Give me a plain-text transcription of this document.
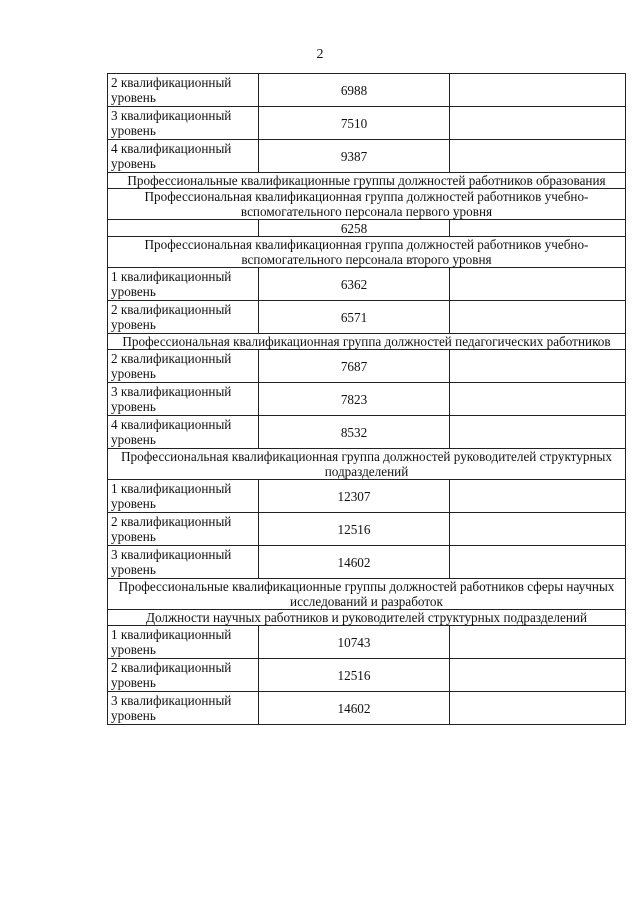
2
2 квалификационный уровень	6988	
3 квалификационный уровень	7510	
4 квалификационный уровень	9387	
Профессиональные квалификационные группы должностей работников образования		
Профессиональная квалификационная группа должностей работников учебно-вспомогательного персонала первого уровня		
	6258	
Профессиональная квалификационная группа должностей работников учебно-вспомогательного персонала второго уровня		
1 квалификационный уровень	6362	
2 квалификационный уровень	6571	
Профессиональная квалификационная группа должностей педагогических работников		
2 квалификационный уровень	7687	
3 квалификационный уровень	7823	
4 квалификационный уровень	8532	
Профессиональная квалификационная группа должностей руководителей структурных подразделений		
1 квалификационный уровень	12307	
2 квалификационный уровень	12516	
3 квалификационный уровень	14602	
Профессиональные квалификационные группы должностей работников сферы научных исследований и разработок		
Должности научных работников и руководителей структурных подразделений		
1 квалификационный уровень	10743	
2 квалификационный уровень	12516	
3 квалификационный уровень	14602	
